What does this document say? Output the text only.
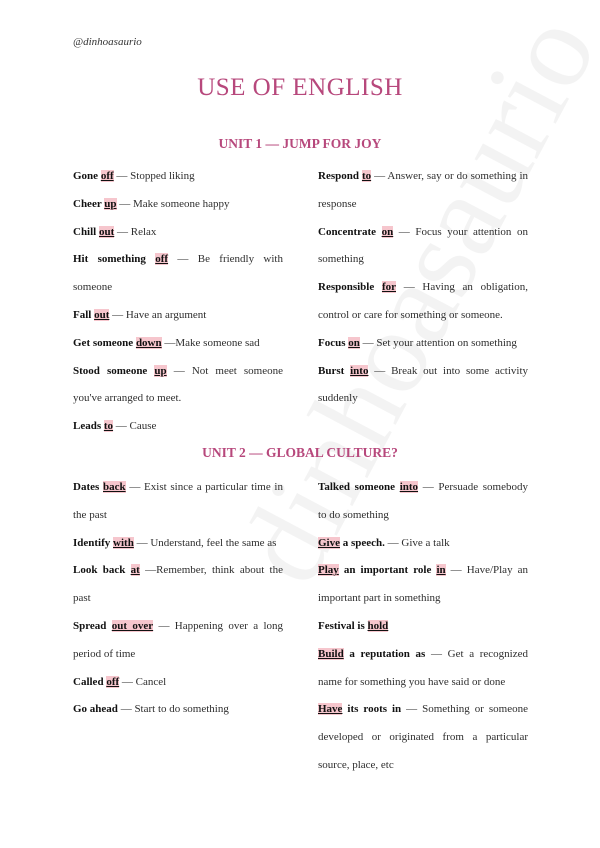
@dinhoasaurio
USE OF ENGLISH
UNIT 1 — JUMP FOR JOY
Gone off — Stopped liking
Cheer up — Make someone happy
Chill out — Relax
Hit something off — Be friendly with someone
Fall out — Have an argument
Get someone down —Make someone sad
Stood someone up — Not meet someone you've arranged to meet.
Leads to — Cause
Respond to — Answer, say or do something in response
Concentrate on — Focus your attention on something
Responsible for — Having an obligation, control or care for something or someone.
Focus on — Set your attention on something
Burst into — Break out into some activity suddenly
UNIT 2 — GLOBAL CULTURE?
Dates back — Exist since a particular time in the past
Identify with — Understand, feel the same as
Look back at —Remember, think about the past
Spread out over — Happening over a long period of time
Called off — Cancel
Go ahead — Start to do something
Talked someone into — Persuade somebody to do something
Give a speech. — Give a talk
Play an important role in — Have/Play an important part in something
Festival is hold
Build a reputation as — Get a recognized name for something you have said or done
Have its roots in — Something or someone developed or originated from a particular source, place, etc
